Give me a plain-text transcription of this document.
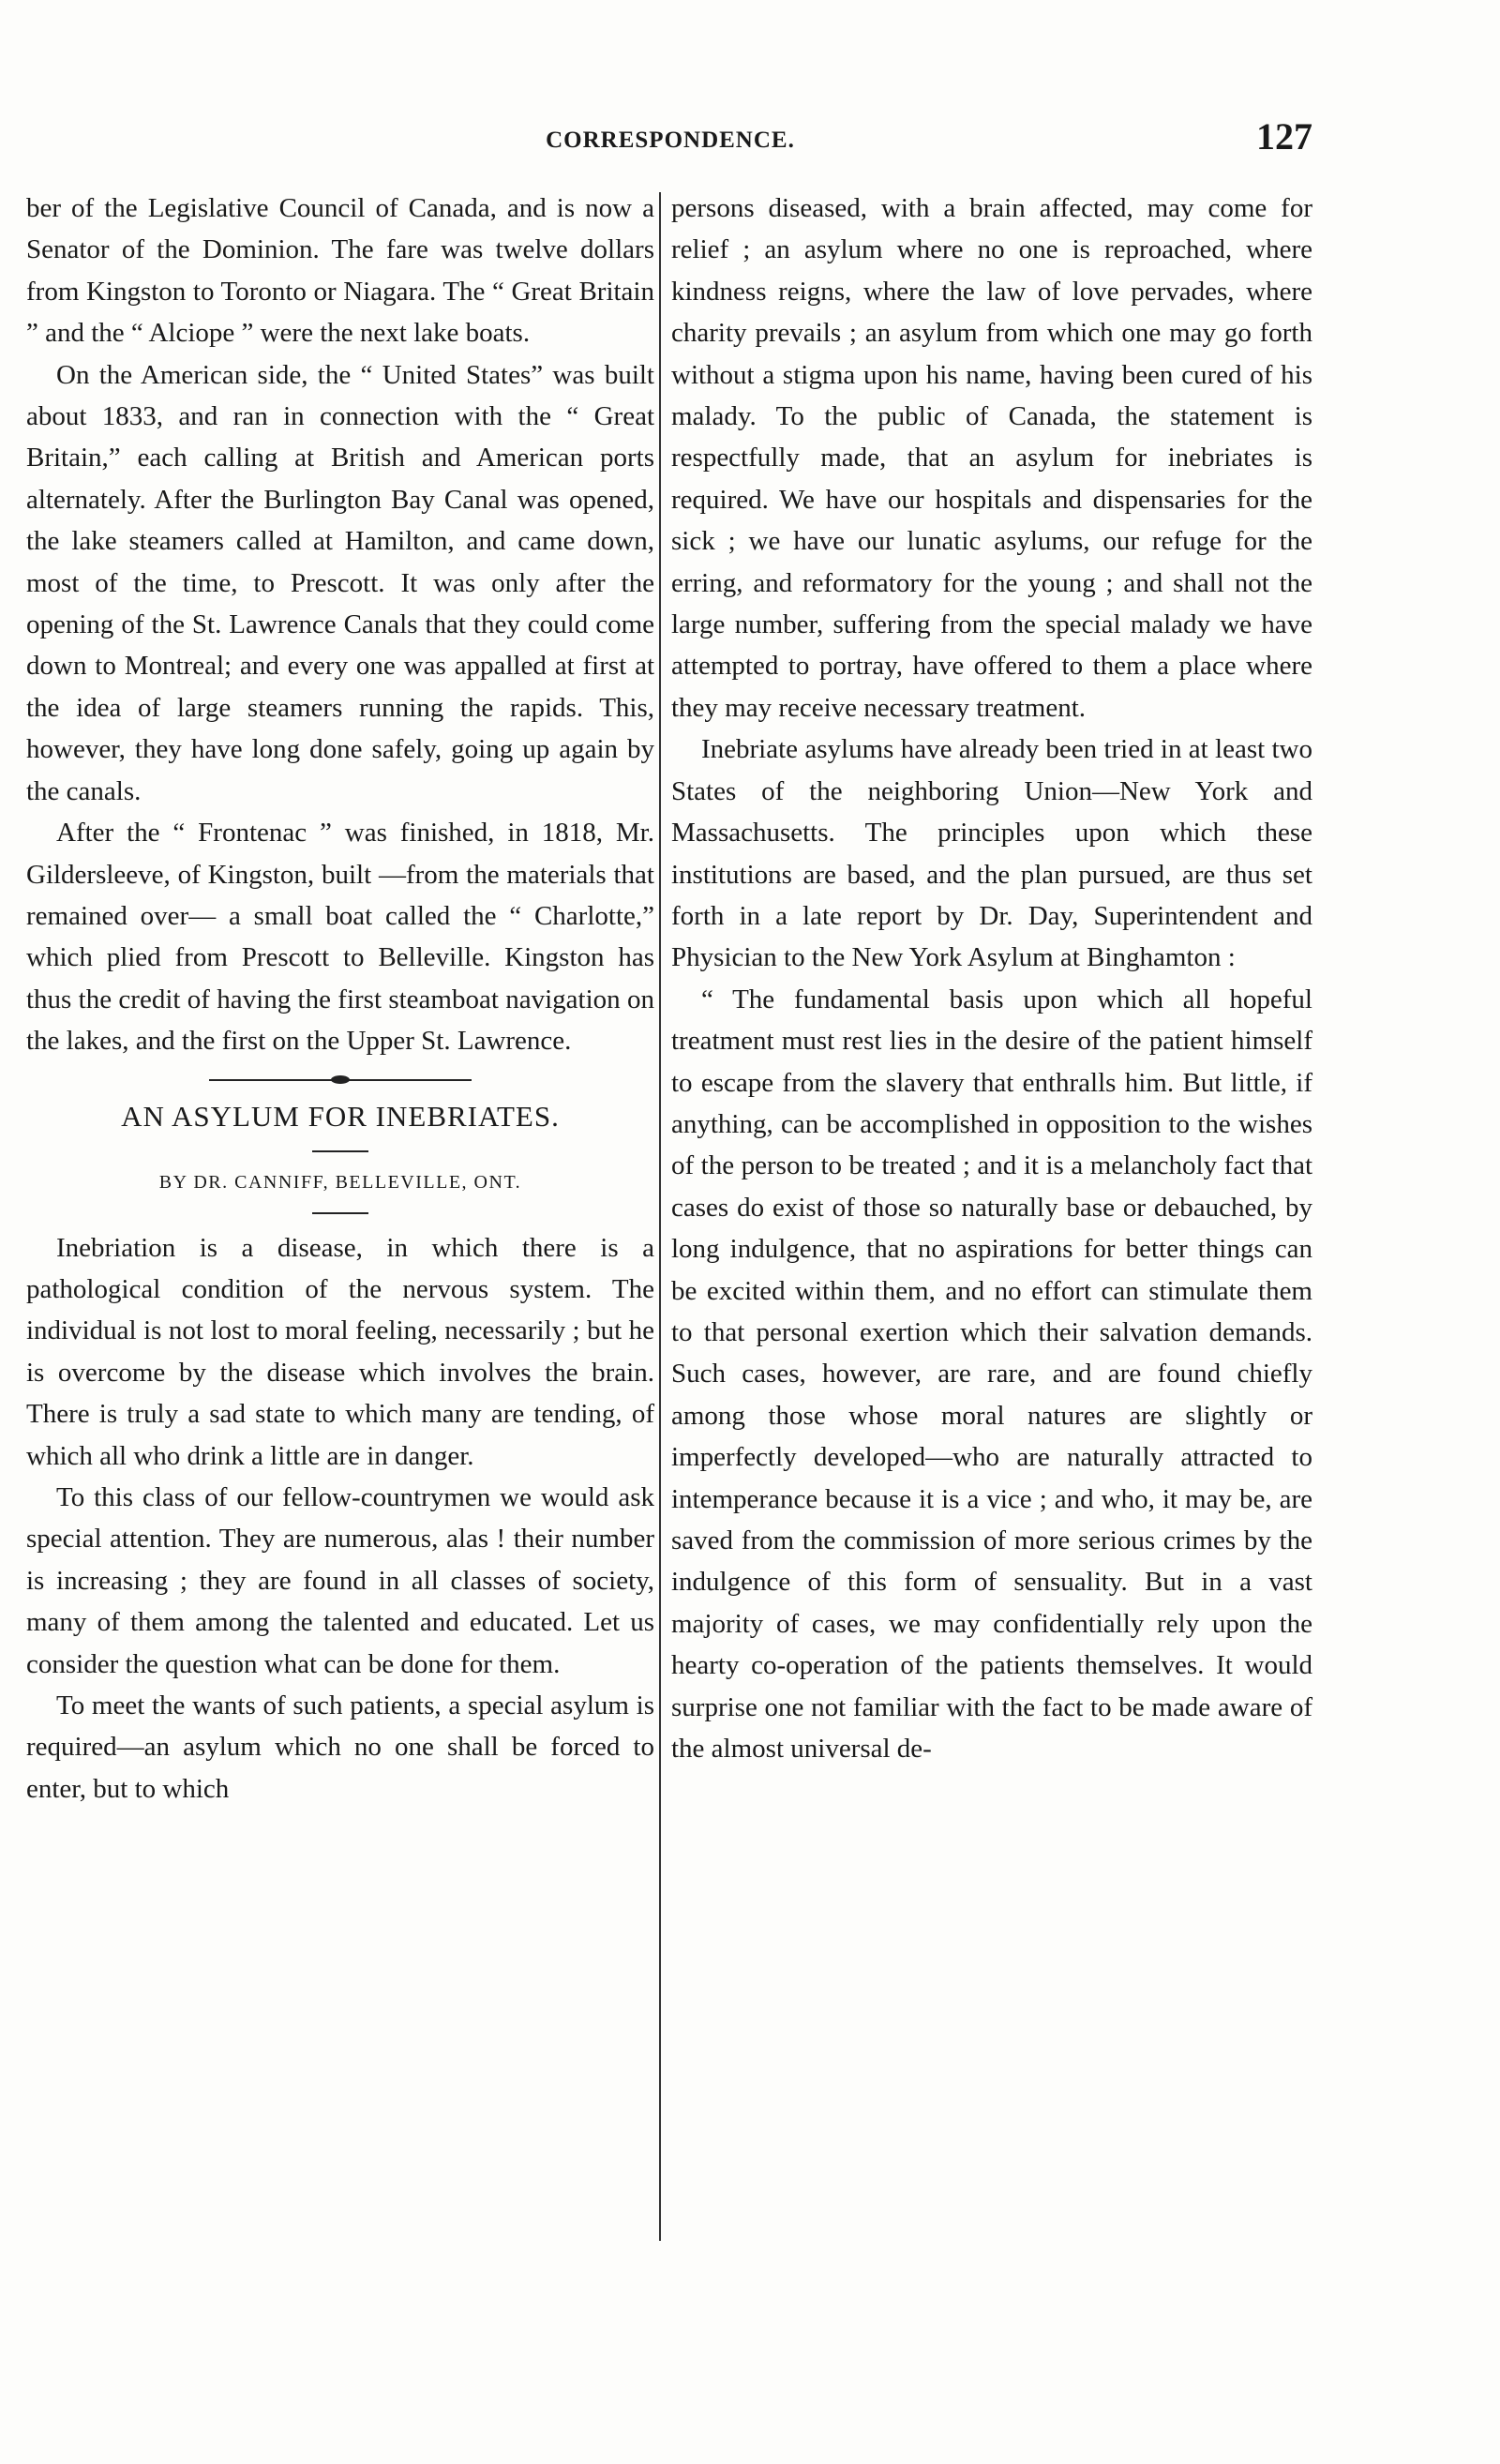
CORRESPONDENCE.	127

ber of the Legislative Council of Canada, and is now a Senator of the Dominion. The fare was twelve dollars from Kingston to Toronto or Niagara. The “ Great Britain ” and the “ Alciope ” were the next lake boats.

On the American side, the “ United States” was built about 1833, and ran in connection with the “ Great Britain,” each calling at British and American ports alternately. After the Burlington Bay Canal was opened, the lake steamers called at Hamilton, and came down, most of the time, to Prescott. It was only after the opening of the St. Lawrence Canals that they could come down to Montreal; and every one was appalled at first at the idea of large steamers running the rapids. This, however, they have long done safely, going up again by the canals.

After the “ Frontenac ” was finished, in 1818, Mr. Gildersleeve, of Kingston, built —from the materials that remained over— a small boat called the “ Charlotte,” which plied from Prescott to Belleville. Kingston has thus the credit of having the first steamboat navigation on the lakes, and the first on the Upper St. Lawrence.

AN ASYLUM FOR INEBRIATES.
BY DR. CANNIFF, BELLEVILLE, ONT.

Inebriation is a disease, in which there is a pathological condition of the nervous system. The individual is not lost to moral feeling, necessarily ; but he is overcome by the disease which involves the brain. There is truly a sad state to which many are tending, of which all who drink a little are in danger.

To this class of our fellow-countrymen we would ask special attention. They are numerous, alas ! their number is increasing ; they are found in all classes of society, many of them among the talented and educated. Let us consider the question what can be done for them.

To meet the wants of such patients, a special asylum is required—an asylum which no one shall be forced to enter, but to which

persons diseased, with a brain affected, may come for relief ; an asylum where no one is reproached, where kindness reigns, where the law of love pervades, where charity prevails ; an asylum from which one may go forth without a stigma upon his name, having been cured of his malady. To the public of Canada, the statement is respectfully made, that an asylum for inebriates is required. We have our hospitals and dispensaries for the sick ; we have our lunatic asylums, our refuge for the erring, and reformatory for the young ; and shall not the large number, suffering from the special malady we have attempted to portray, have offered to them a place where they may receive necessary treatment.

Inebriate asylums have already been tried in at least two States of the neighboring Union—New York and Massachusetts. The principles upon which these institutions are based, and the plan pursued, are thus set forth in a late report by Dr. Day, Superintendent and Physician to the New York Asylum at Binghamton :

“ The fundamental basis upon which all hopeful treatment must rest lies in the desire of the patient himself to escape from the slavery that enthralls him. But little, if anything, can be accomplished in opposition to the wishes of the person to be treated ; and it is a melancholy fact that cases do exist of those so naturally base or debauched, by long indulgence, that no aspirations for better things can be excited within them, and no effort can stimulate them to that personal exertion which their salvation demands. Such cases, however, are rare, and are found chiefly among those whose moral natures are slightly or imperfectly developed—who are naturally attracted to intemperance because it is a vice ; and who, it may be, are saved from the commission of more serious crimes by the indulgence of this form of sensuality. But in a vast majority of cases, we may confidentially rely upon the hearty co-operation of the patients themselves. It would surprise one not familiar with the fact to be made aware of the almost universal de-
